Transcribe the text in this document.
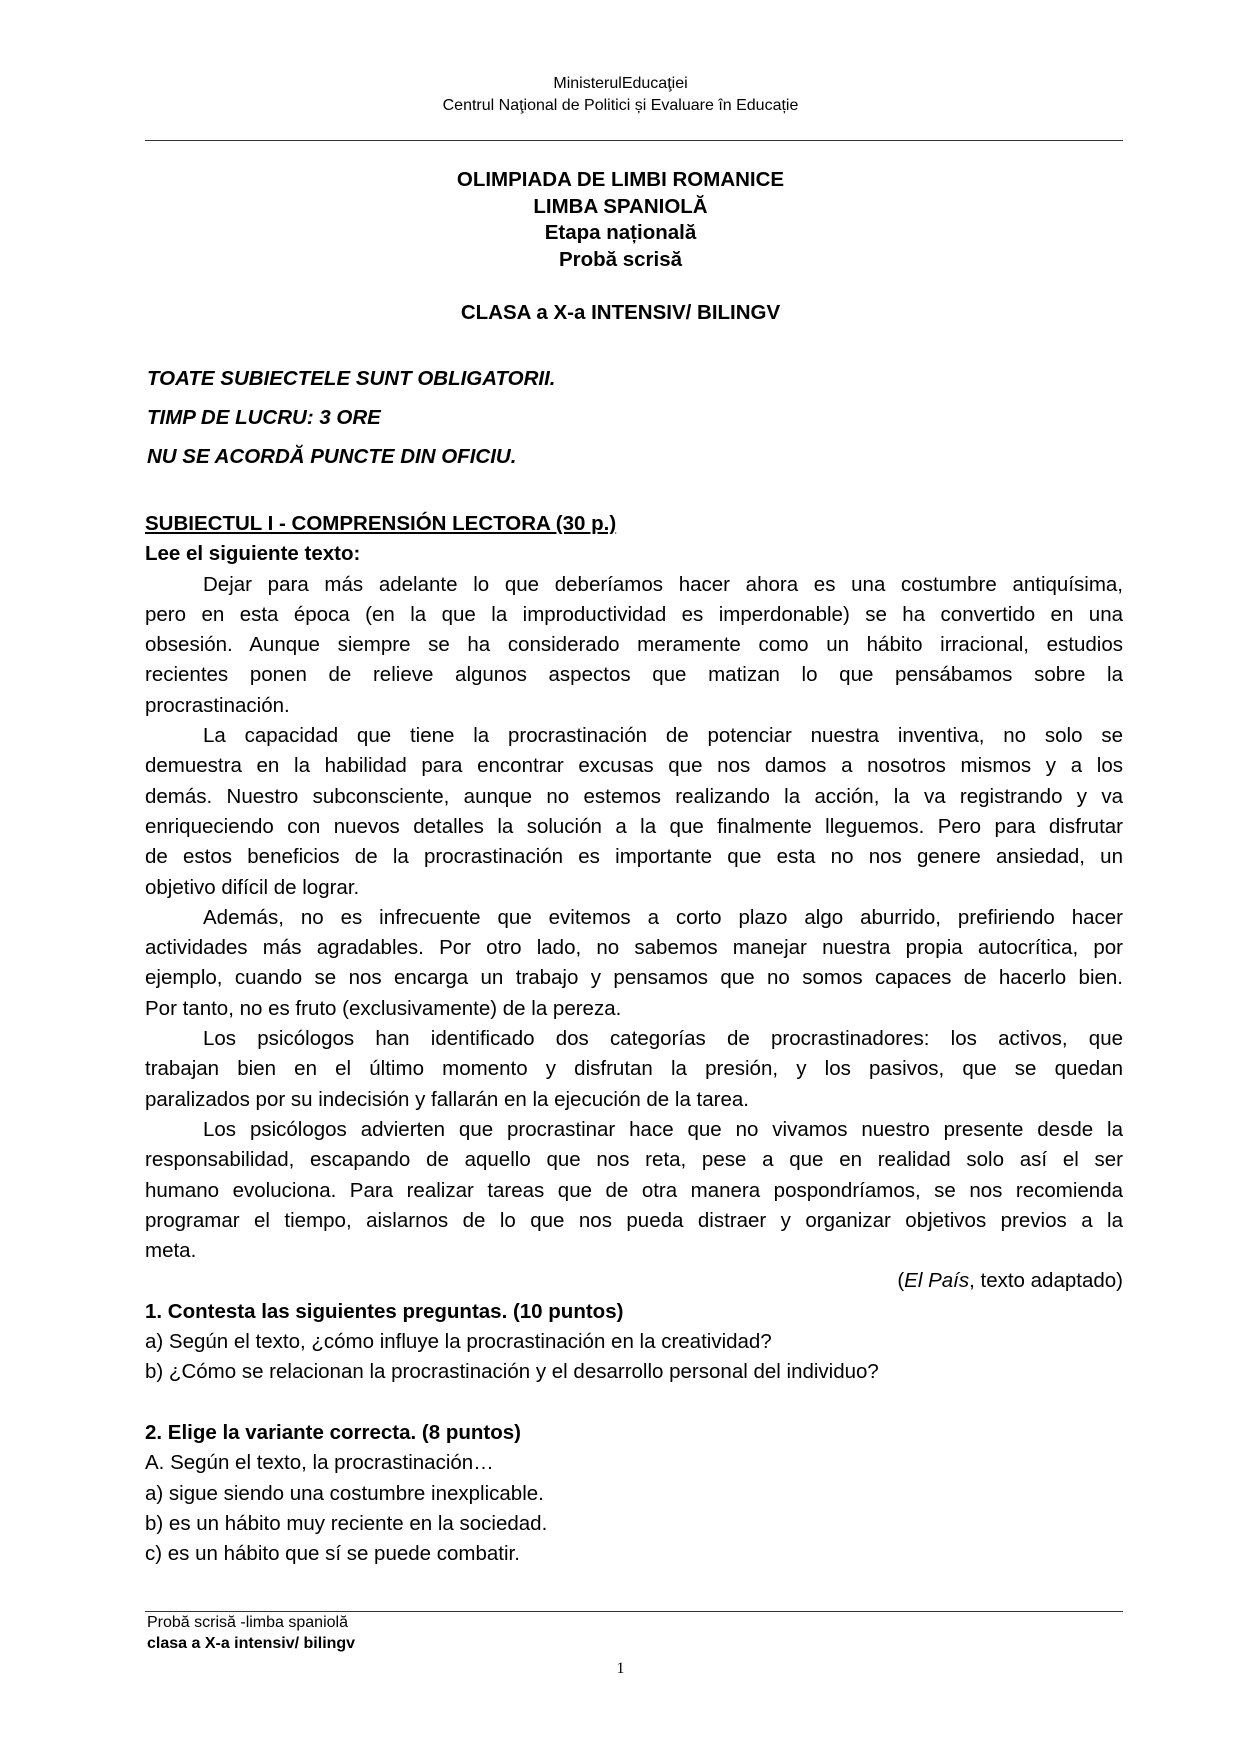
MinisterulEducaţiei
Centrul Naţional de Politici și Evaluare în Educație
OLIMPIADA DE LIMBI ROMANICE
LIMBA SPANIOLĂ
Etapa națională
Probă scrisă
CLASA a X-a INTENSIV/ BILINGV
TOATE SUBIECTELE SUNT OBLIGATORII.
TIMP DE LUCRU: 3 ORE
NU SE ACORDĂ PUNCTE DIN OFICIU.
SUBIECTUL I - COMPRENSIÓN LECTORA (30 p.)
Lee el siguiente texto:
Dejar para más adelante lo que deberíamos hacer ahora es una costumbre antiquísima,
pero en esta época (en la que la improductividad es imperdonable) se ha convertido en una
obsesión. Aunque siempre se ha considerado meramente como un hábito irracional, estudios
recientes ponen de relieve algunos aspectos que matizan lo que pensábamos sobre la
procrastinación.
La capacidad que tiene la procrastinación de potenciar nuestra inventiva, no solo se
demuestra en la habilidad para encontrar excusas que nos damos a nosotros mismos y a los
demás. Nuestro subconsciente, aunque no estemos realizando la acción, la va registrando y va
enriqueciendo con nuevos detalles la solución a la que finalmente lleguemos. Pero para disfrutar
de estos beneficios de la procrastinación es importante que esta no nos genere ansiedad, un
objetivo difícil de lograr.
Además, no es infrecuente que evitemos a corto plazo algo aburrido, prefiriendo hacer
actividades más agradables. Por otro lado, no sabemos manejar nuestra propia autocrítica, por
ejemplo, cuando se nos encarga un trabajo y pensamos que no somos capaces de hacerlo bien.
Por tanto, no es fruto (exclusivamente) de la pereza.
Los psicólogos han identificado dos categorías de procrastinadores: los activos, que
trabajan bien en el último momento y disfrutan la presión, y los pasivos, que se quedan
paralizados por su indecisión y fallarán en la ejecución de la tarea.
Los psicólogos advierten que procrastinar hace que no vivamos nuestro presente desde la
responsabilidad, escapando de aquello que nos reta, pese a que en realidad solo así el ser
humano evoluciona. Para realizar tareas que de otra manera pospondríamos, se nos recomienda
programar el tiempo, aislarnos de lo que nos pueda distraer y organizar objetivos previos a la
meta.
(El País, texto adaptado)
1. Contesta las siguientes preguntas. (10 puntos)
a) Según el texto, ¿cómo influye la procrastinación en la creatividad?
b) ¿Cómo se relacionan la procrastinación y el desarrollo personal del individuo?
2. Elige la variante correcta. (8 puntos)
A. Según el texto, la procrastinación…
a) sigue siendo una costumbre inexplicable.
b) es un hábito muy reciente en la sociedad.
c) es un hábito que sí se puede combatir.
Probă scrisă -limba spaniolă
clasa a X-a intensiv/ bilingv
1
